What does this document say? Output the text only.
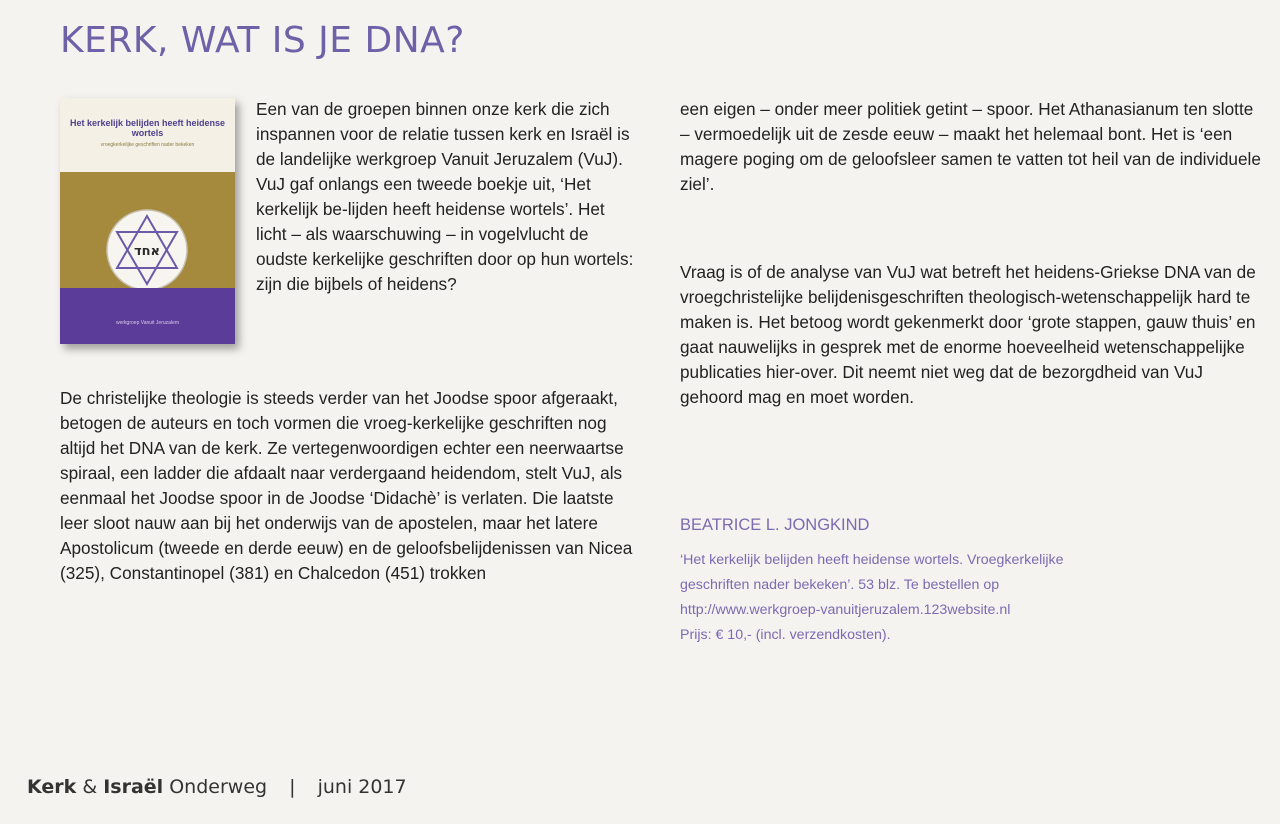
KERK, WAT IS JE DNA?
Het kerkelijk belijden heeft heidense wortels
vroegkerkelijke geschriften nader bekeken
אחד
werkgroep Vanuit Jeruzalem

Een van de groepen binnen onze kerk die zich inspannen voor de relatie tussen kerk en Israël is de landelijke werkgroep Vanuit Jeruzalem (VuJ). VuJ gaf onlangs een tweede boekje uit, ‘Het kerkelijk be-lijden heeft heidense wortels’. Het licht – als waarschuwing – in vogelvlucht de oudste kerkelijke geschriften door op hun wortels: zijn die bijbels of heidens?

De christelijke theologie is steeds verder van het Joodse spoor afgeraakt, betogen de auteurs en toch vormen die vroeg-kerkelijke geschriften nog altijd het DNA van de kerk. Ze vertegenwoordigen echter een neerwaartse spiraal, een ladder die afdaalt naar verdergaand heidendom, stelt VuJ, als eenmaal het Joodse spoor in de Joodse ‘Didachè’ is verlaten. Die laatste leer sloot nauw aan bij het onderwijs van de apostelen, maar het latere Apostolicum (tweede en derde eeuw) en de geloofsbelijdenissen van Nicea (325), Constantinopel (381) en Chalcedon (451) trokken

een eigen – onder meer politiek getint – spoor. Het Athanasianum ten slotte – vermoedelijk uit de zesde eeuw – maakt het helemaal bont. Het is ‘een magere poging om de geloofsleer samen te vatten tot heil van de individuele ziel’.

Vraag is of de analyse van VuJ wat betreft het heidens-Griekse DNA van de vroegchristelijke belijdenisgeschriften theologisch-wetenschappelijk hard te maken is. Het betoog wordt gekenmerkt door ‘grote stappen, gauw thuis’ en gaat nauwelijks in gesprek met de enorme hoeveelheid wetenschappelijke publicaties hier-over. Dit neemt niet weg dat de bezorgdheid van VuJ gehoord mag en moet worden.

BEATRICE L. JONGKIND

‘Het kerkelijk belijden heeft heidense wortels. Vroegkerkelijke
geschriften nader bekeken’. 53 blz. Te bestellen op
http://www.werkgroep-vanuitjeruzalem.123website.nl
Prijs: € 10,- (incl. verzendkosten).

Kerk & Israël Onderweg | juni 2017
